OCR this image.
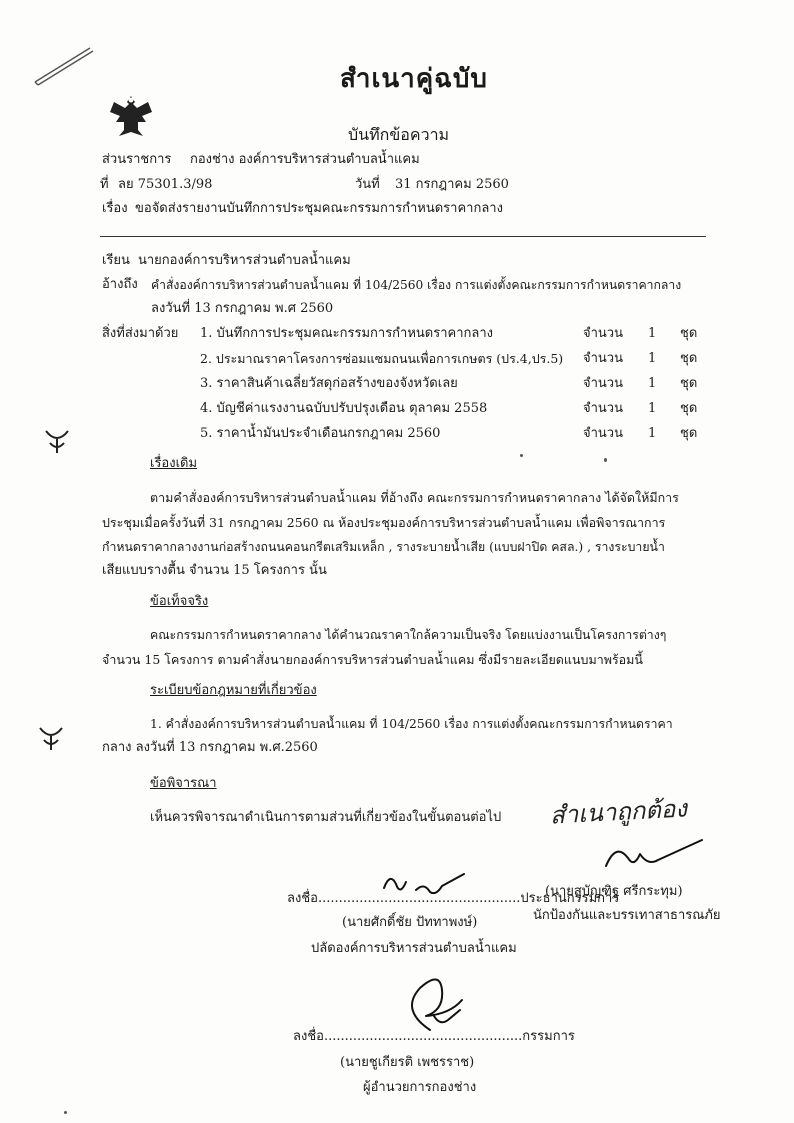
สำเนาคู่ฉบับ
บันทึกข้อความ
ส่วนราชการ กองช่าง องค์การบริหารส่วนตำบลน้ำแคม
ที่ ลย 75301.3/98	วันที่ 31 กรกฎาคม 2560
เรื่อง ขอจัดส่งรายงานบันทึกการประชุมคณะกรรมการกำหนดราคากลาง
เรียน นายกองค์การบริหารส่วนตำบลน้ำแคม
อ้างถึง คำสั่งองค์การบริหารส่วนตำบลน้ำแคม ที่ 104/2560 เรื่อง การแต่งตั้งคณะกรรมการกำหนดราคากลาง
ลงวันที่ 13 กรกฎาคม พ.ศ 2560
สิ่งที่ส่งมาด้วย 1. บันทึกการประชุมคณะกรรมการกำหนดราคากลาง	จำนวน 1 ชุด
2. ประมาณราคาโครงการซ่อมแซมถนนเพื่อการเกษตร (ปร.4,ปร.5) จำนวน 1 ชุด
3. ราคาสินค้าเฉลี่ยวัสดุก่อสร้างของจังหวัดเลย	จำนวน 1 ชุด
4. บัญชีค่าแรงงานฉบับปรับปรุงเดือน ตุลาคม 2558	จำนวน 1 ชุด
5. ราคาน้ำมันประจำเดือนกรกฎาคม 2560	จำนวน 1 ชุด
เรื่องเดิม
ตามคำสั่งองค์การบริหารส่วนตำบลน้ำแคม ที่อ้างถึง คณะกรรมการกำหนดราคากลาง ได้จัดให้มีการ
ประชุมเมื่อครั้งวันที่ 31 กรกฎาคม 2560 ณ ห้องประชุมองค์การบริหารส่วนตำบลน้ำแคม เพื่อพิจารณาการ
กำหนดราคากลางงานก่อสร้างถนนคอนกรีตเสริมเหล็ก , รางระบายน้ำเสีย (แบบฝาปิด คสล.) , รางระบายน้ำ
เสียแบบรางตื้น จำนวน 15 โครงการ นั้น
ข้อเท็จจริง
คณะกรรมการกำหนดราคากลาง ได้คำนวณราคาใกล้ความเป็นจริง โดยแบ่งงานเป็นโครงการต่างๆ
จำนวน 15 โครงการ ตามคำสั่งนายกองค์การบริหารส่วนตำบลน้ำแคม ซึ่งมีรายละเอียดแนบมาพร้อมนี้
ระเบียบข้อกฎหมายที่เกี่ยวข้อง
1. คำสั่งองค์การบริหารส่วนตำบลน้ำแคม ที่ 104/2560 เรื่อง การแต่งตั้งคณะกรรมการกำหนดราคา
กลาง ลงวันที่ 13 กรกฎาคม พ.ศ.2560
ข้อพิจารณา
เห็นควรพิจารณาดำเนินการตามส่วนที่เกี่ยวข้องในขั้นตอนต่อไป สำเนาถูกต้อง
(นายสุบัญฑิฐ ศรีกระทุม)
นักป้องกันและบรรเทาสาธารณภัย
ลงชื่อ.................................................ประธานกรรมการ
(นายศักดิ์ชัย ปัททาพงษ์)
ปลัดองค์การบริหารส่วนตำบลน้ำแคม
ลงชื่อ................................................กรรมการ
(นายชูเกียรติ เพชรราช)
ผู้อำนวยการกองช่าง
